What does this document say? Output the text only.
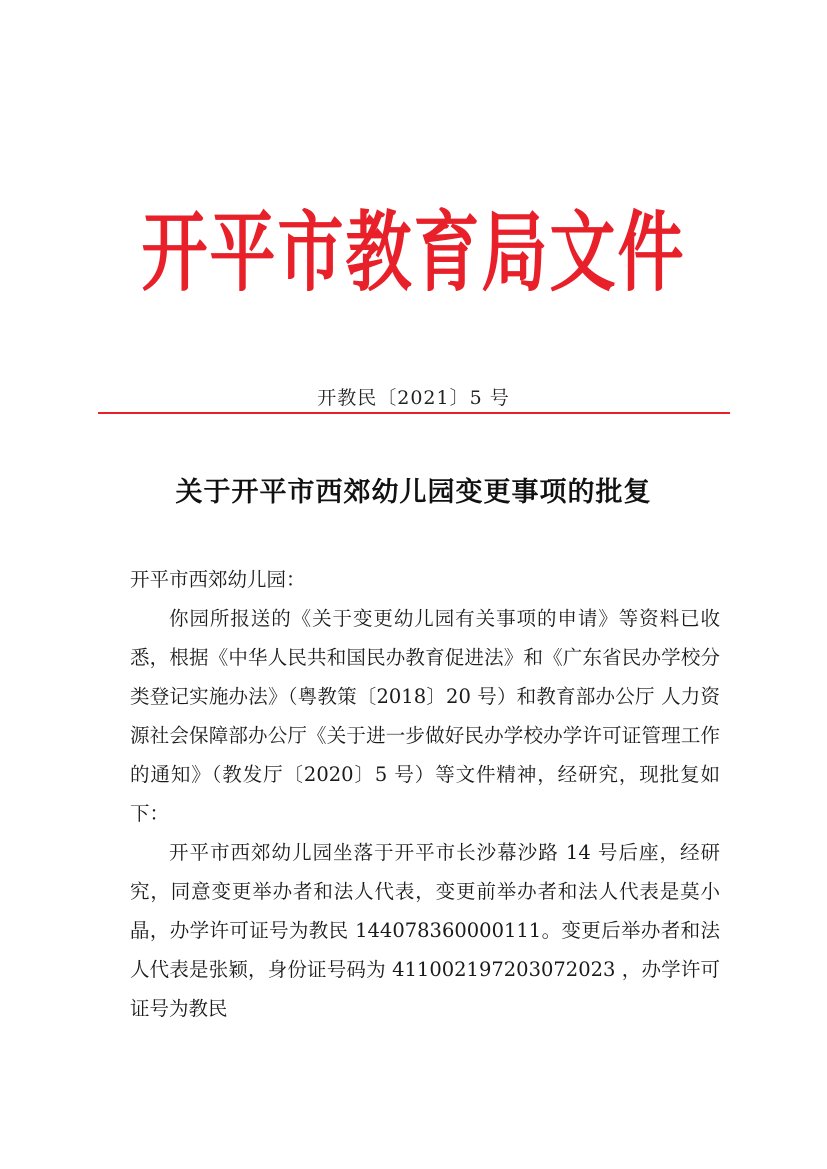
开平市教育局文件
开教民〔2021〕5 号
关于开平市西郊幼儿园变更事项的批复

开平市西郊幼儿园：

你园所报送的《关于变更幼儿园有关事项的申请》等资料已收悉，根据《中华人民共和国民办教育促进法》和《广东省民办学校分类登记实施办法》（粤教策〔2018〕20 号）和教育部办公厅 人力资源社会保障部办公厅《关于进一步做好民办学校办学许可证管理工作的通知》（教发厅〔2020〕5 号）等文件精神，经研究，现批复如下：

开平市西郊幼儿园坐落于开平市长沙幕沙路 14 号后座，经研究，同意变更举办者和法人代表，变更前举办者和法人代表是莫小晶，办学许可证号为教民 144078360000111。变更后举办者和法人代表是张颖，身份证号码为 411002197203072023 ，办学许可证号为教民
